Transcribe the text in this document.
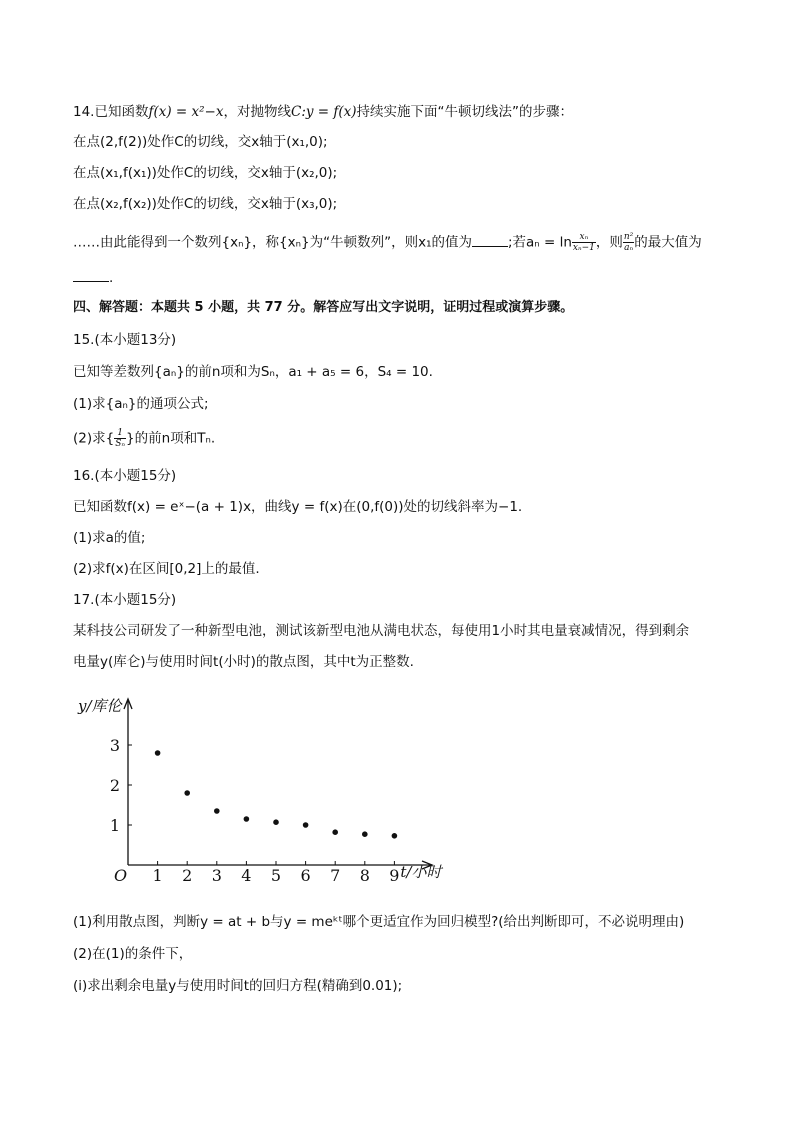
14.已知函数f(x) = x²−x，对抛物线C:y = f(x)持续实施下面“牛顿切线法”的步骤：
在点(2,f(2))处作C的切线，交x轴于(x₁,0);
在点(x₁,f(x₁))处作C的切线，交x轴于(x₂,0);
在点(x₂,f(x₂))处作C的切线，交x轴于(x₃,0);
……由此能得到一个数列{xₙ}，称{xₙ}为“牛顿数列”，则x₁的值为	;若$a_n = \ln \frac{\text{xₙ}}{\text{xₙ−1}}$ ，则 $\frac{\text{n²}}{\text{aₙ}}$ 的最大值为
.
四、解答题：本题共 5 小题，共 77 分。解答应写出文字说明，证明过程或演算步骤。
15.(本小题13分)
已知等差数列{aₙ}的前n项和为Sₙ，a₁ + a₅ = 6，S₄ = 10.
(1)求{aₙ}的通项公式;
(2)求{ $\frac{1}{\text{Sₙ}}$ }的前n项和Tₙ.
16.(本小题15分)
已知函数f(x) = eˣ−(a + 1)x，曲线y = f(x)在(0,f(0))处的切线斜率为−1.
(1)求a的值;
(2)求f(x)在区间[0,2]上的最值.
17.(本小题15分)
某科技公司研发了一种新型电池，测试该新型电池从满电状态，每使用1小时其电量衰减情况，得到剩余
电量y(库仑)与使用时间t(小时)的散点图，其中t为正整数.
y/库伦
t/小时
O 1 2 3 4 5 6 7 8 9
1
2
3
(1)利用散点图，判断y = at + b与y = meᵏᵗ哪个更适宜作为回归模型?(给出判断即可，不必说明理由)
(2)在(1)的条件下，
(ⅰ)求出剩余电量y与使用时间t的回归方程(精确到0.01);
